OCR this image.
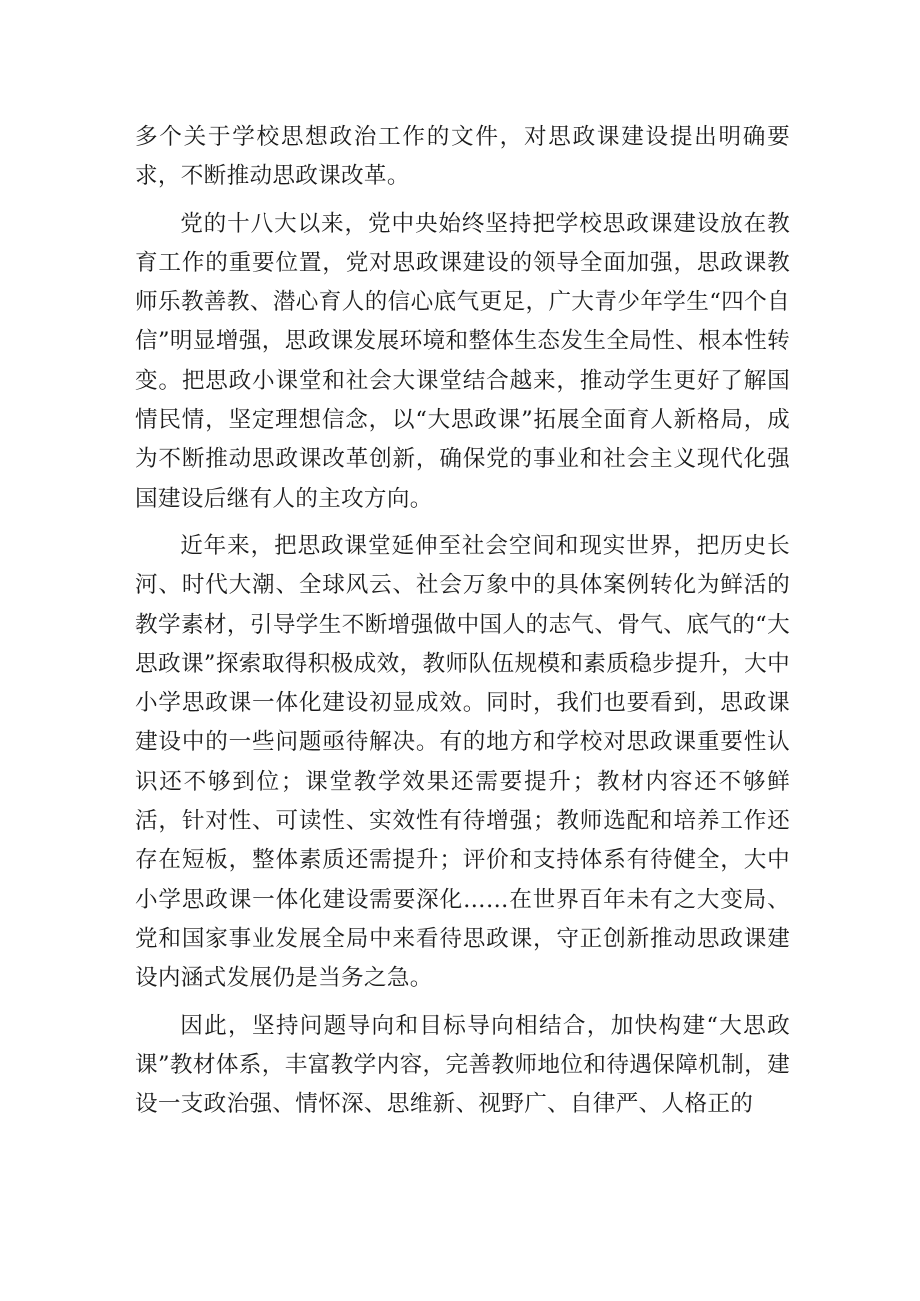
多个关于学校思想政治工作的文件，对思政课建设提出明确要求，不断推动思政课改革。

党的十八大以来，党中央始终坚持把学校思政课建设放在教育工作的重要位置，党对思政课建设的领导全面加强，思政课教师乐教善教、潜心育人的信心底气更足，广大青少年学生“四个自信”明显增强，思政课发展环境和整体生态发生全局性、根本性转变。把思政小课堂和社会大课堂结合越来，推动学生更好了解国情民情，坚定理想信念，以“大思政课”拓展全面育人新格局，成为不断推动思政课改革创新，确保党的事业和社会主义现代化强国建设后继有人的主攻方向。

近年来，把思政课堂延伸至社会空间和现实世界，把历史长河、时代大潮、全球风云、社会万象中的具体案例转化为鲜活的教学素材，引导学生不断增强做中国人的志气、骨气、底气的“大思政课”探索取得积极成效，教师队伍规模和素质稳步提升，大中小学思政课一体化建设初显成效。同时，我们也要看到，思政课建设中的一些问题亟待解决。有的地方和学校对思政课重要性认识还不够到位；课堂教学效果还需要提升；教材内容还不够鲜活，针对性、可读性、实效性有待增强；教师选配和培养工作还存在短板，整体素质还需提升；评价和支持体系有待健全，大中小学思政课一体化建设需要深化……在世界百年未有之大变局、党和国家事业发展全局中来看待思政课，守正创新推动思政课建设内涵式发展仍是当务之急。

因此，坚持问题导向和目标导向相结合，加快构建“大思政课”教材体系，丰富教学内容，完善教师地位和待遇保障机制，建设一支政治强、情怀深、思维新、视野广、自律严、人格正的
